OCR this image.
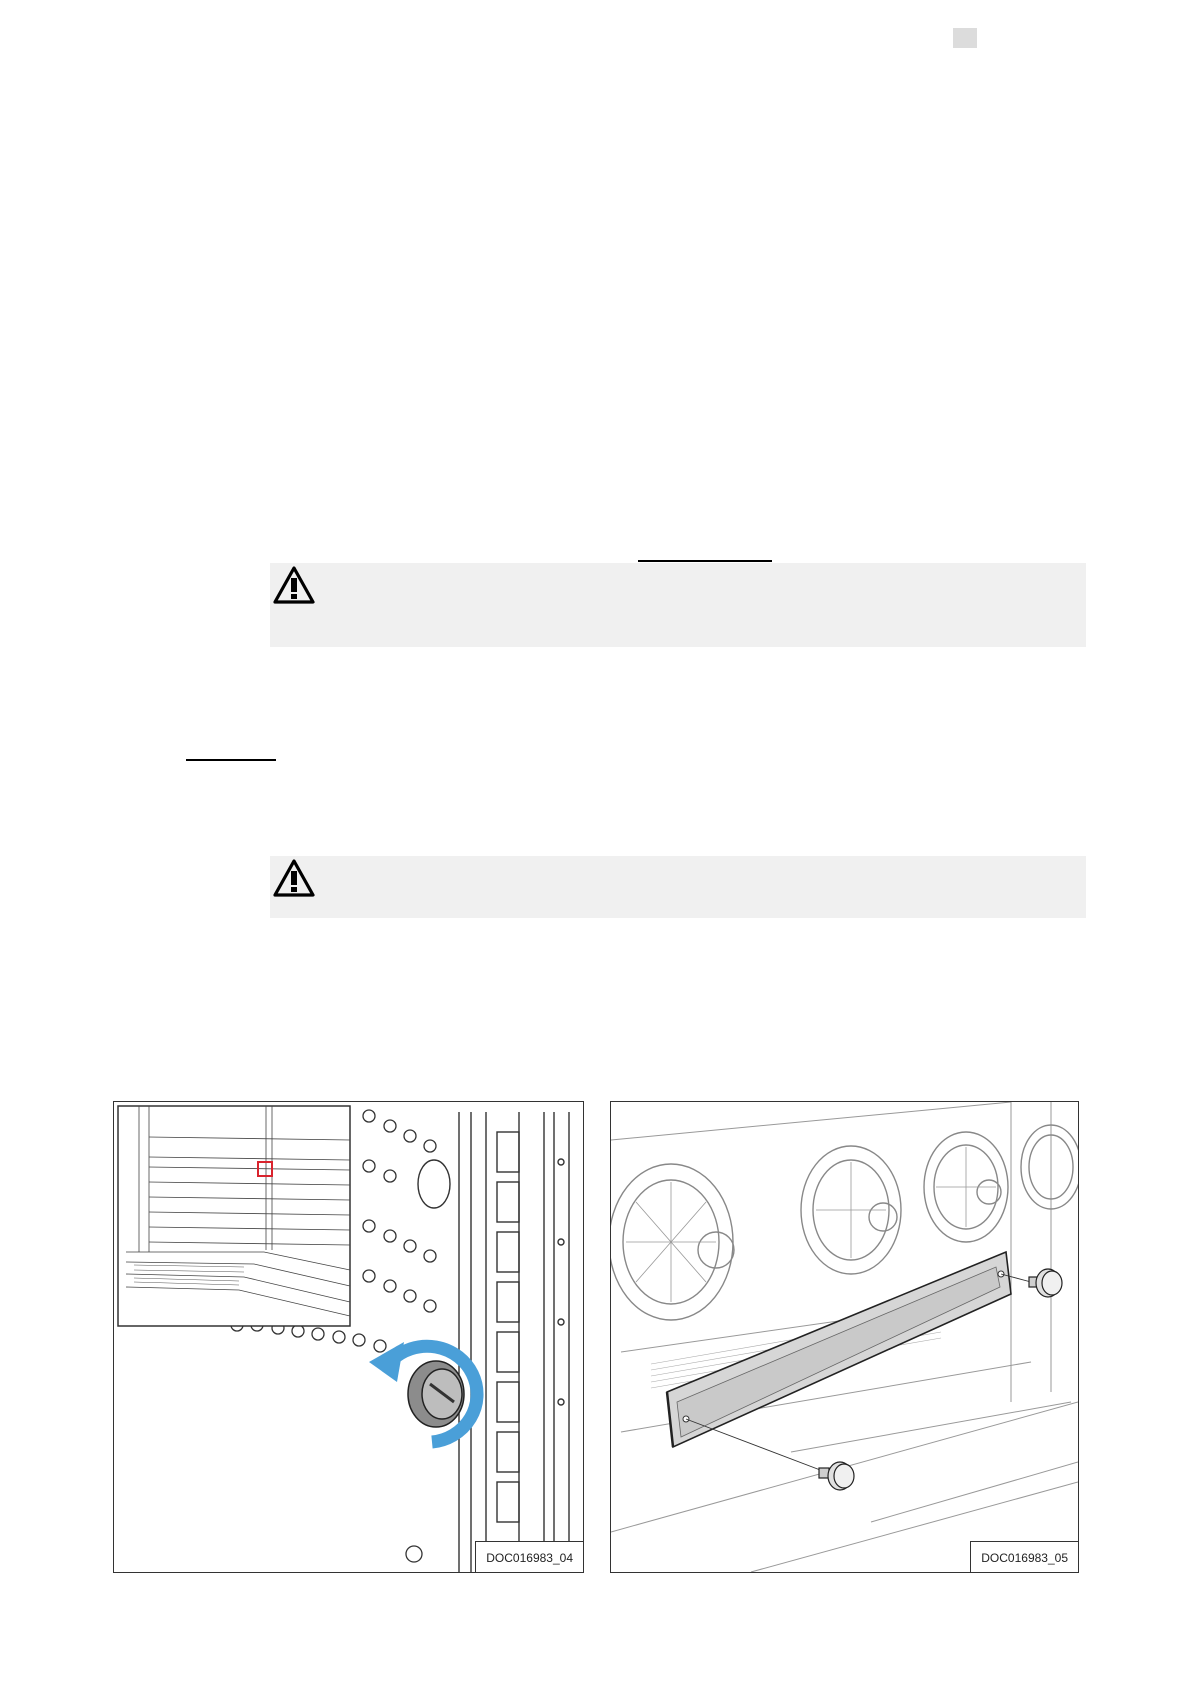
DOC016983_04	DOC016983_05
